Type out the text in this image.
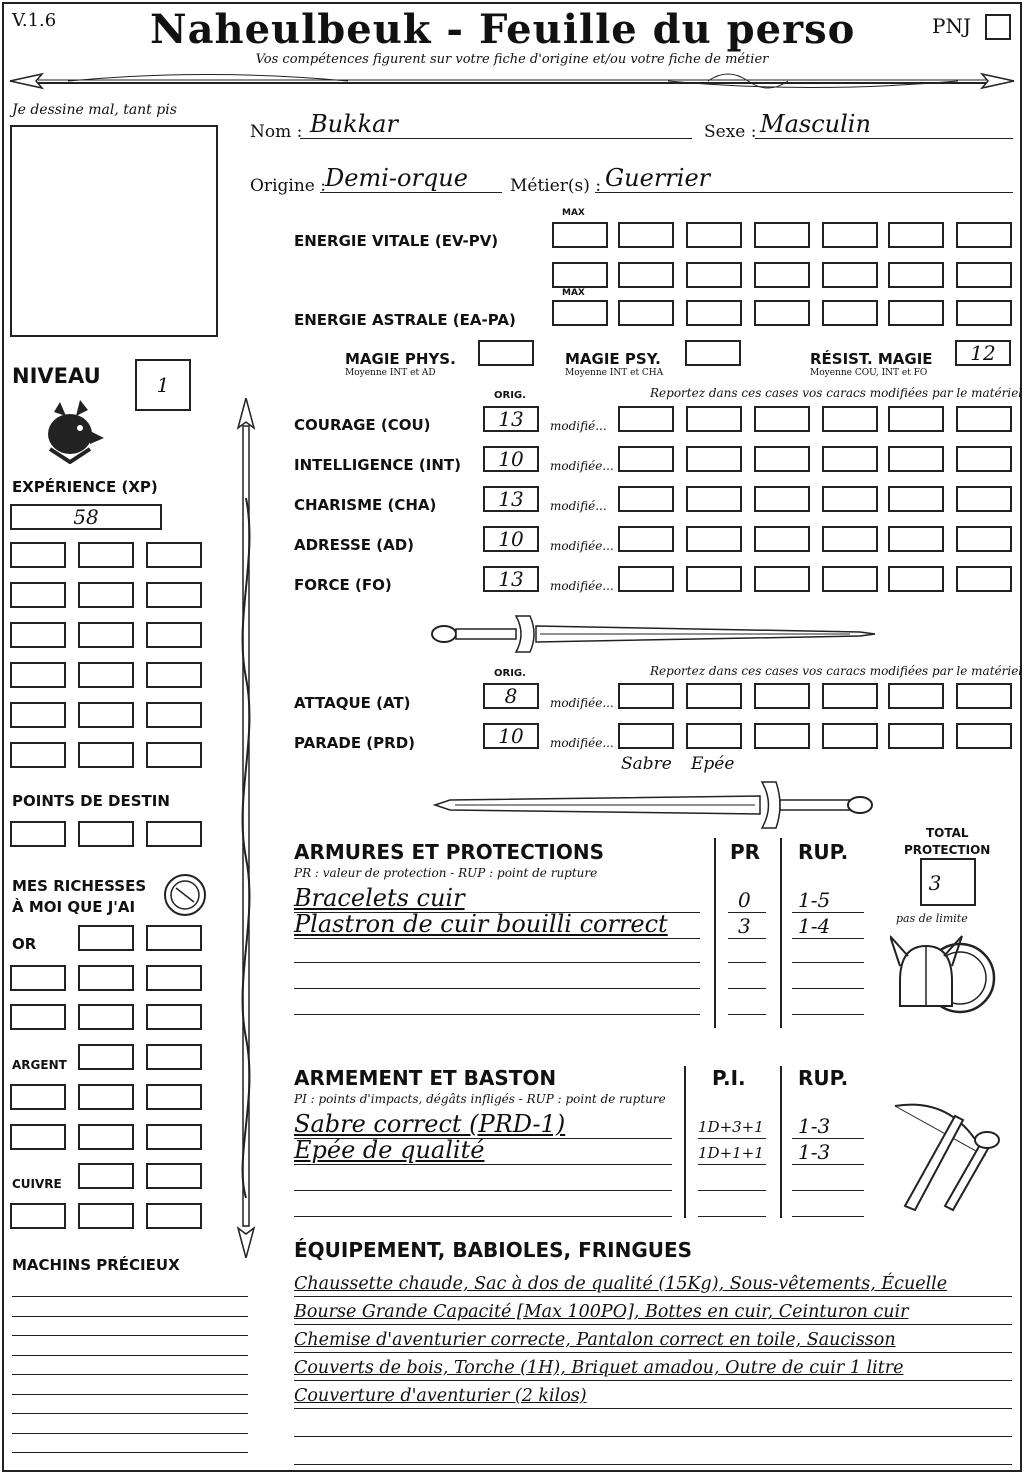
V.1.6 Naheulbeuk - Feuille du perso
Vos compétences figurent sur votre fiche d'origine et/ou votre fiche de métier
PNJ
Je dessine mal, tant pis
Nom : Bukkar	Sexe : Masculin
Origine : Demi-orque Métier(s) : Guerrier
MAX
ENERGIE VITALE (EV-PV)
MAX
ENERGIE ASTRALE (EA-PA)
MAGIE PHYS.
Moyenne INT et AD
MAGIE PSY.
Moyenne INT et CHA
RÉSIST. MAGIE
Moyenne COU, INT et FO
12
ORIG.	Reportez dans ces cases vos caracs modifiées par le matériel
ORIG.	Reportez dans ces cases vos caracs modifiées par le matériel
ATTAQUE (AT)	8	modifiée...
PARADE (PRD)	10	modifiée...
Sabre Epée
NIVEAU	1
EXPÉRIENCE (XP)
58
POINTS DE DESTIN
MES RICHESSES
À MOI QUE J'AI
OR
ARGENT
CUIVRE
MACHINS PRÉCIEUX
ARMURES ET PROTECTIONS
PR : valeur de protection - RUP : point de rupture
PR RUP.
TOTAL
PROTECTION
3
pas de limite
ARMEMENT ET BASTON
PI : points d'impacts, dégâts infligés - RUP : point de rupture
P.I.	RUP.
ÉQUIPEMENT, BABIOLES, FRINGUES
COURAGE (COU)	13	modifié...
INTELLIGENCE (INT)	10	modifiée...
CHARISME (CHA)	13	modifié...
ADRESSE (AD)	10	modifiée...
FORCE (FO)	13	modifiée...
Bracelets cuir	0 1-5
Plastron de cuir bouilli correct	3 1-4
Sabre correct (PRD-1)	1D+3+1 1-3
Epée de qualité	1D+1+1 1-3
Chaussette chaude, Sac à dos de qualité (15Kg), Sous-vêtements, Écuelle
Bourse Grande Capacité [Max 100PO], Bottes en cuir, Ceinturon cuir
Chemise d'aventurier correcte, Pantalon correct en toile, Saucisson
Couverts de bois, Torche (1H), Briquet amadou, Outre de cuir 1 litre
Couverture d'aventurier (2 kilos)
